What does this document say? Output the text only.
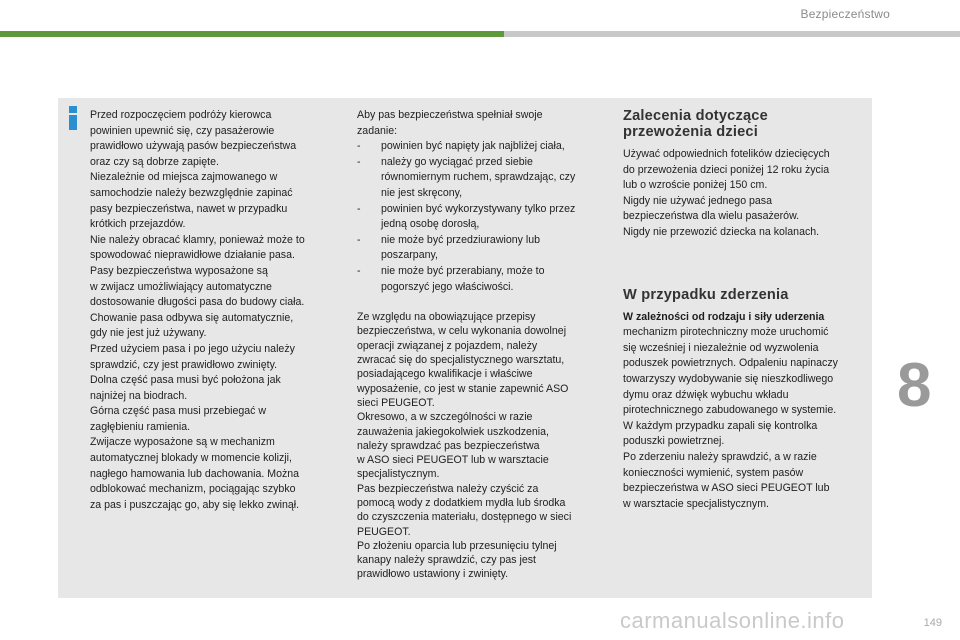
Bezpieczeństwo
Przed rozpoczęciem podróży kierowca
powinien upewnić się, czy pasażerowie
prawidłowo używają pasów bezpieczeństwa
oraz czy są dobrze zapięte.
Niezależnie od miejsca zajmowanego w
samochodzie należy bezwzględnie zapinać
pasy bezpieczeństwa, nawet w przypadku
krótkich przejazdów.
Nie należy obracać klamry, ponieważ może to
spowodować nieprawidłowe działanie pasa.
Pasy bezpieczeństwa wyposażone są
w zwijacz umożliwiający automatyczne
dostosowanie długości pasa do budowy ciała.
Chowanie pasa odbywa się automatycznie,
gdy nie jest już używany.
Przed użyciem pasa i po jego użyciu należy
sprawdzić, czy jest prawidłowo zwinięty.
Dolna część pasa musi być położona jak
najniżej na biodrach.
Górna część pasa musi przebiegać w
zagłębieniu ramienia.
Zwijacze wyposażone są w mechanizm
automatycznej blokady w momencie kolizji,
nagłego hamowania lub dachowania. Można
odblokować mechanizm, pociągając szybko
za pas i puszczając go, aby się lekko zwinął.
Aby pas bezpieczeństwa spełniał swoje
zadanie:
- powinien być napięty jak najbliżej ciała,
- należy go wyciągać przed siebie
równomiernym ruchem, sprawdzając, czy
nie jest skręcony,
- powinien być wykorzystywany tylko przez
jedną osobę dorosłą,
- nie może być przedziurawiony lub
poszarpany,
- nie może być przerabiany, może to
pogorszyć jego właściwości.
Ze względu na obowiązujące przepisy
bezpieczeństwa, w celu wykonania dowolnej
operacji związanej z pojazdem, należy
zwracać się do specjalistycznego warsztatu,
posiadającego kwalifikacje i właściwe
wyposażenie, co jest w stanie zapewnić ASO
sieci PEUGEOT.
Okresowo, a w szczególności w razie
zauważenia jakiegokolwiek uszkodzenia,
należy sprawdzać pas bezpieczeństwa
w ASO sieci PEUGEOT lub w warsztacie
specjalistycznym.
Pas bezpieczeństwa należy czyścić za
pomocą wody z dodatkiem mydła lub środka
do czyszczenia materiału, dostępnego w sieci
PEUGEOT.
Po złożeniu oparcia lub przesunięciu tylnej
kanapy należy sprawdzić, czy pas jest
prawidłowo ustawiony i zwinięty.
Zalecenia dotyczące
przewożenia dzieci
Używać odpowiednich fotelików dziecięcych
do przewożenia dzieci poniżej 12 roku życia
lub o wzroście poniżej 150 cm.
Nigdy nie używać jednego pasa
bezpieczeństwa dla wielu pasażerów.
Nigdy nie przewozić dziecka na kolanach.
W przypadku zderzenia
W zależności od rodzaju i siły uderzenia
mechanizm pirotechniczny może uruchomić
się wcześniej i niezależnie od wyzwolenia
poduszek powietrznych. Odpaleniu napinaczy
towarzyszy wydobywanie się nieszkodliwego
dymu oraz dźwięk wybuchu wkładu
pirotechnicznego zabudowanego w systemie.
W każdym przypadku zapali się kontrolka
poduszki powietrznej.
Po zderzeniu należy sprawdzić, a w razie
konieczności wymienić, system pasów
bezpieczeństwa w ASO sieci PEUGEOT lub
w warsztacie specjalistycznym.
8
149
carmanualsonline.info
